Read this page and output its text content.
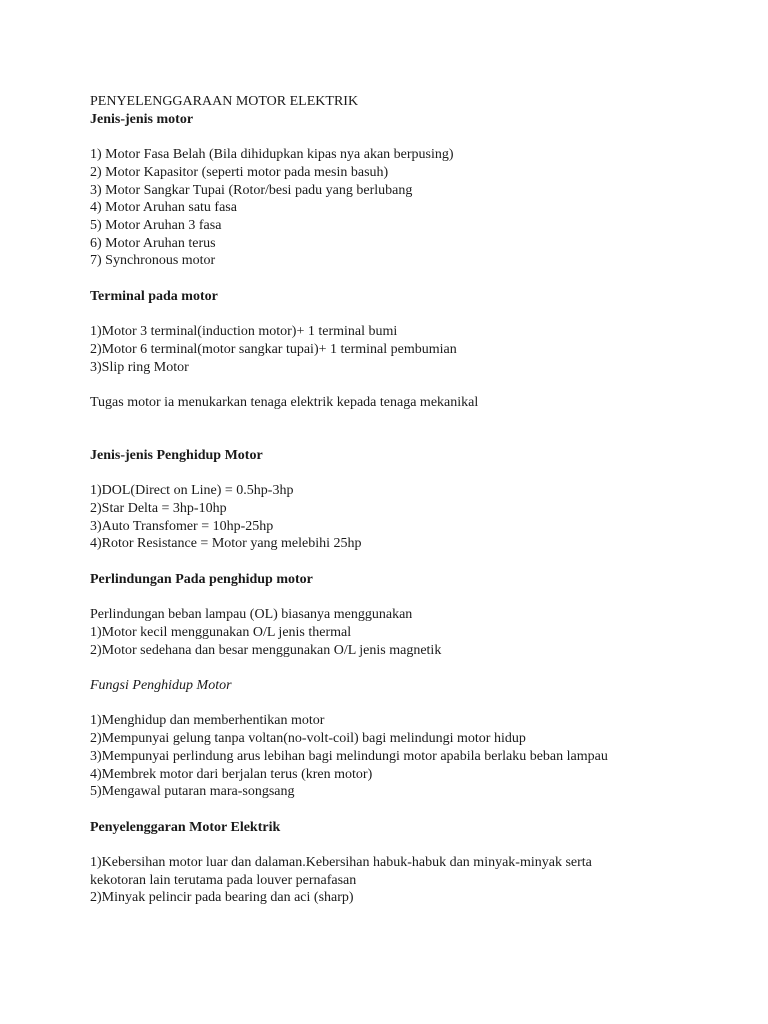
PENYELENGGARAAN MOTOR ELEKTRIK
Jenis-jenis motor
1) Motor Fasa Belah (Bila dihidupkan kipas nya akan berpusing)
2) Motor Kapasitor (seperti motor pada mesin basuh)
3) Motor Sangkar Tupai (Rotor/besi padu yang berlubang
4) Motor Aruhan satu fasa
5) Motor Aruhan 3 fasa
6) Motor Aruhan terus
7) Synchronous motor
Terminal pada motor
1)Motor 3 terminal(induction motor)+ 1 terminal bumi
2)Motor 6 terminal(motor sangkar tupai)+ 1 terminal pembumian
3)Slip ring Motor
Tugas motor ia menukarkan tenaga elektrik kepada tenaga mekanikal
Jenis-jenis Penghidup Motor
1)DOL(Direct on Line) = 0.5hp-3hp
2)Star Delta = 3hp-10hp
3)Auto Transfomer = 10hp-25hp
4)Rotor Resistance = Motor yang melebihi 25hp
Perlindungan Pada penghidup motor
Perlindungan beban lampau (OL) biasanya menggunakan
1)Motor kecil menggunakan O/L jenis thermal
2)Motor sedehana dan besar menggunakan O/L jenis magnetik
Fungsi Penghidup Motor
1)Menghidup dan memberhentikan motor
2)Mempunyai gelung tanpa voltan(no-volt-coil) bagi melindungi motor hidup
3)Mempunyai perlindung arus lebihan bagi melindungi motor apabila berlaku beban lampau
4)Membrek motor dari berjalan terus (kren motor)
5)Mengawal putaran mara-songsang
Penyelenggaran Motor Elektrik
1)Kebersihan motor luar dan dalaman.Kebersihan habuk-habuk dan minyak-minyak serta
kekotoran lain terutama pada louver pernafasan
2)Minyak pelincir pada bearing dan aci (sharp)
